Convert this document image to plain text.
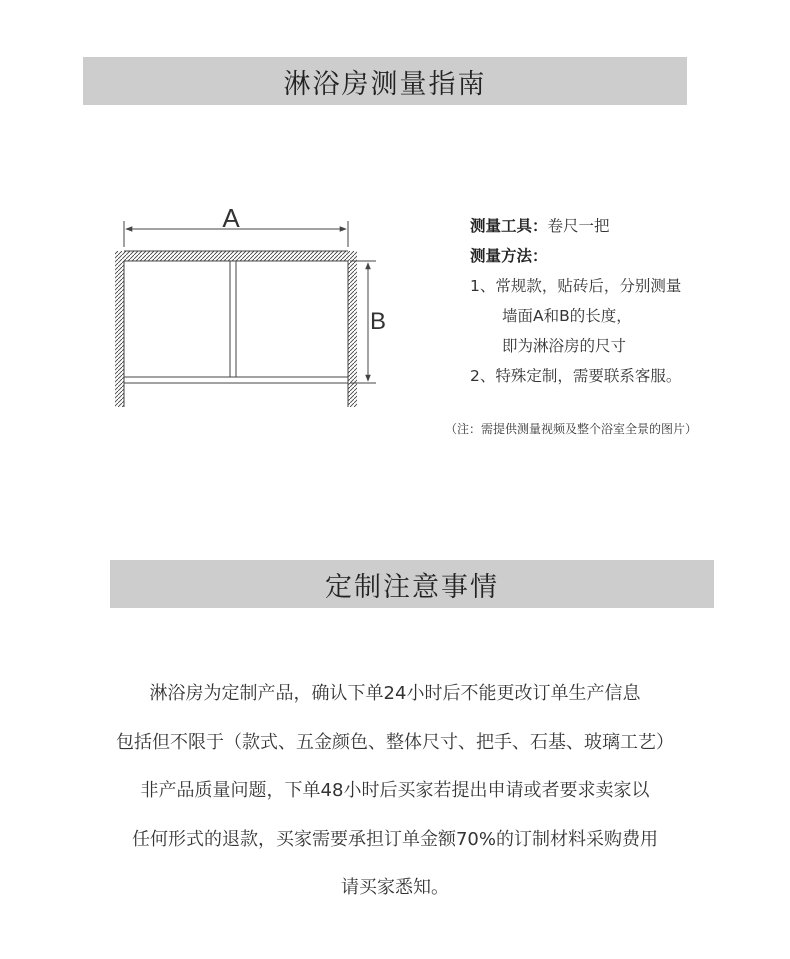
淋浴房测量指南
A
B
测量工具：卷尺一把
测量方法：
1、常规款，贴砖后，分别测量
墙面A和B的长度，
即为淋浴房的尺寸
2、特殊定制，需要联系客服。
（注：需提供测量视频及整个浴室全景的图片）
定制注意事情
淋浴房为定制产品，确认下单24小时后不能更改订单生产信息
包括但不限于（款式、五金颜色、整体尺寸、把手、石基、玻璃工艺）
非产品质量问题，下单48小时后买家若提出申请或者要求卖家以
任何形式的退款，买家需要承担订单金额70%的订制材料采购费用
请买家悉知。
